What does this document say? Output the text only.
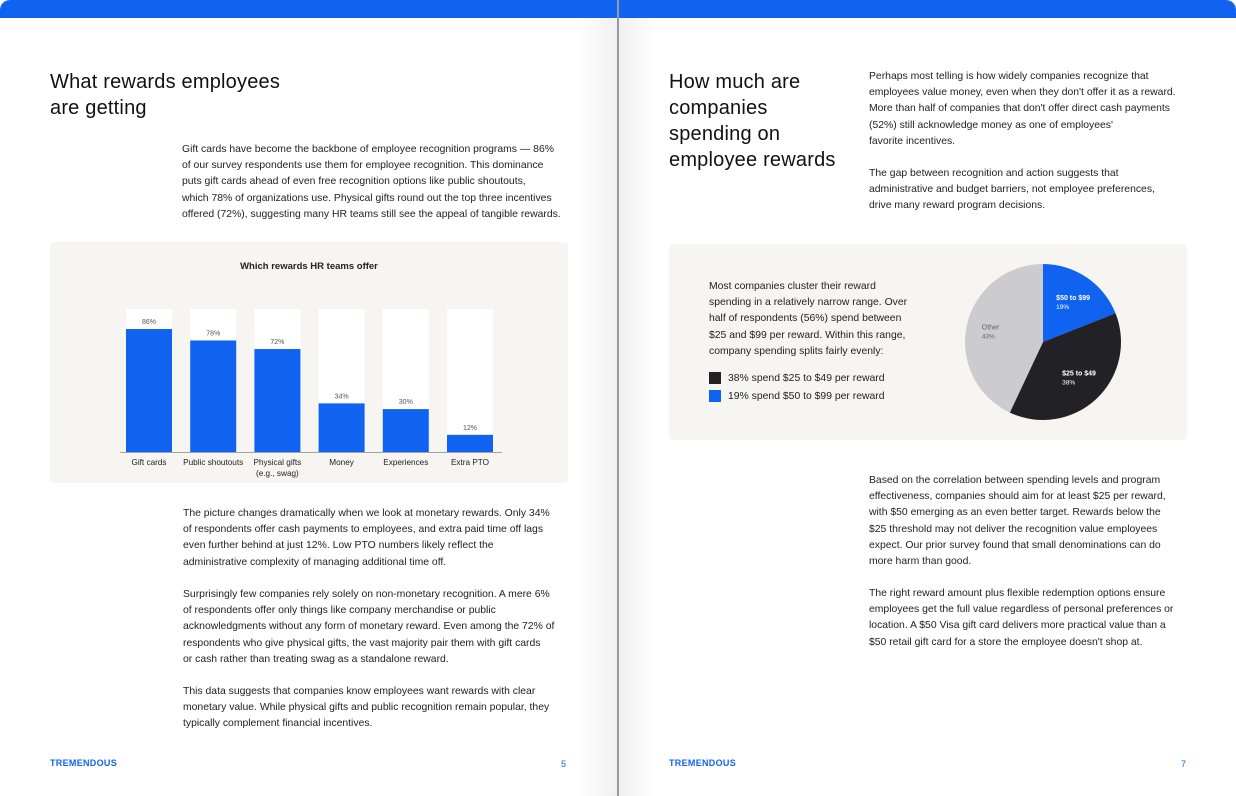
What rewards employees
are getting
Gift cards have become the backbone of employee recognition programs — 86%
of our survey respondents use them for employee recognition. This dominance
puts gift cards ahead of even free recognition options like public shoutouts,
which 78% of organizations use. Physical gifts round out the top three incentives
offered (72%), suggesting many HR teams still see the appeal of tangible rewards.
Which rewards HR teams offer
86%
Gift cards
78%
Public shoutouts
72%
Physical gifts
(e.g., swag)
34%
Money
30%
Experiences
12%
Extra PTO
The picture changes dramatically when we look at monetary rewards. Only 34%
of respondents offer cash payments to employees, and extra paid time off lags
even further behind at just 12%. Low PTO numbers likely reflect the
administrative complexity of managing additional time off.
Surprisingly few companies rely solely on non-monetary recognition. A mere 6%
of respondents offer only things like company merchandise or public
acknowledgments without any form of monetary reward. Even among the 72% of
respondents who give physical gifts, the vast majority pair them with gift cards
or cash rather than treating swag as a standalone reward.
This data suggests that companies know employees want rewards with clear
monetary value. While physical gifts and public recognition remain popular, they
typically complement financial incentives.
TREMENDOUS	5
How much are
companies
spending on
employee rewards
Perhaps most telling is how widely companies recognize that
employees value money, even when they don't offer it as a reward.
More than half of companies that don't offer direct cash payments
(52%) still acknowledge money as one of employees'
favorite incentives.
The gap between recognition and action suggests that
administrative and budget barriers, not employee preferences,
drive many reward program decisions.
Most companies cluster their reward
spending in a relatively narrow range. Over
half of respondents (56%) spend between
$25 and $99 per reward. Within this range,
company spending splits fairly evenly:
38% spend $25 to $49 per reward
19% spend $50 to $99 per reward
$50 to $99
19%
$25 to $49
38%
Other
43%
Based on the correlation between spending levels and program
effectiveness, companies should aim for at least $25 per reward,
with $50 emerging as an even better target. Rewards below the
$25 threshold may not deliver the recognition value employees
expect. Our prior survey found that small denominations can do
more harm than good.
The right reward amount plus flexible redemption options ensure
employees get the full value regardless of personal preferences or
location. A $50 Visa gift card delivers more practical value than a
$50 retail gift card for a store the employee doesn't shop at.
TREMENDOUS	7
